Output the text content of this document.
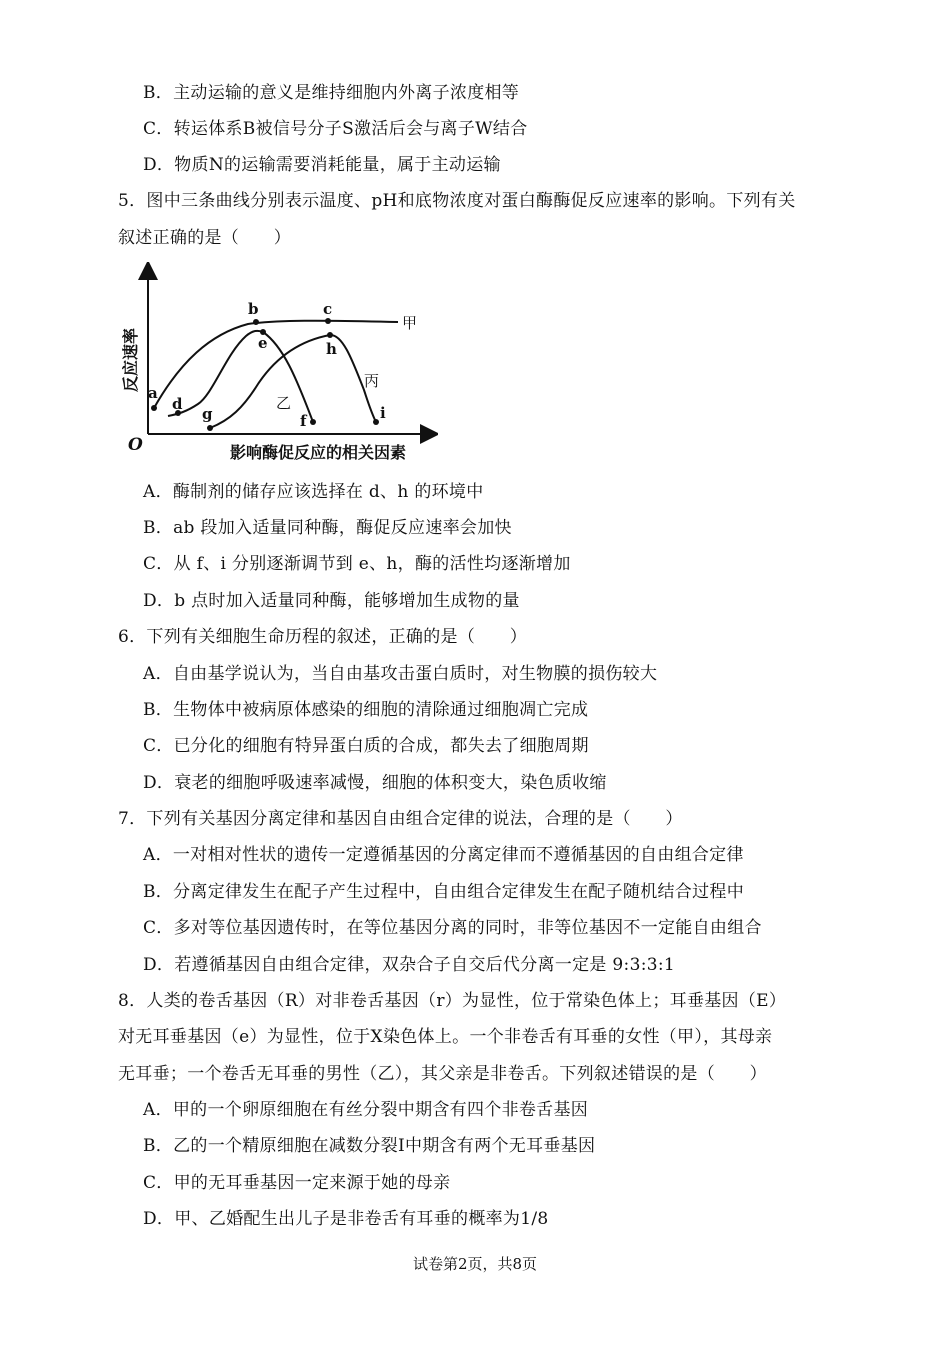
B．主动运输的意义是维持细胞内外离子浓度相等
C．转运体系B被信号分子S激活后会与离子W结合
D．物质N的运输需要消耗能量，属于主动运输
5．图中三条曲线分别表示温度、pH和底物浓度对蛋白酶酶促反应速率的影响。下列有关
叙述正确的是（　　）
O	影响酶促反应的相关因素
反应速率
a
b	c
d
e
f
g
h
i
甲
乙
丙
A．酶制剂的储存应该选择在 d、h 的环境中
B．ab 段加入适量同种酶，酶促反应速率会加快
C．从 f、i 分别逐渐调节到 e、h，酶的活性均逐渐增加
D．b 点时加入适量同种酶，能够增加生成物的量
6．下列有关细胞生命历程的叙述，正确的是（　　）
A．自由基学说认为，当自由基攻击蛋白质时，对生物膜的损伤较大
B．生物体中被病原体感染的细胞的清除通过细胞凋亡完成
C．已分化的细胞有特异蛋白质的合成，都失去了细胞周期
D．衰老的细胞呼吸速率减慢，细胞的体积变大，染色质收缩
7．下列有关基因分离定律和基因自由组合定律的说法，合理的是（　　）
A．一对相对性状的遗传一定遵循基因的分离定律而不遵循基因的自由组合定律
B．分离定律发生在配子产生过程中，自由组合定律发生在配子随机结合过程中
C．多对等位基因遗传时，在等位基因分离的同时，非等位基因不一定能自由组合
D．若遵循基因自由组合定律，双杂合子自交后代分离一定是 9:3:3:1
8．人类的卷舌基因（R）对非卷舌基因（r）为显性，位于常染色体上；耳垂基因（E）
对无耳垂基因（e）为显性，位于X染色体上。一个非卷舌有耳垂的女性（甲），其母亲
无耳垂；一个卷舌无耳垂的男性（乙），其父亲是非卷舌。下列叙述错误的是（　　）
A．甲的一个卵原细胞在有丝分裂中期含有四个非卷舌基因
B．乙的一个精原细胞在减数分裂Ⅰ中期含有两个无耳垂基因
C．甲的无耳垂基因一定来源于她的母亲
D．甲、乙婚配生出儿子是非卷舌有耳垂的概率为1/8
试卷第2页，共8页
